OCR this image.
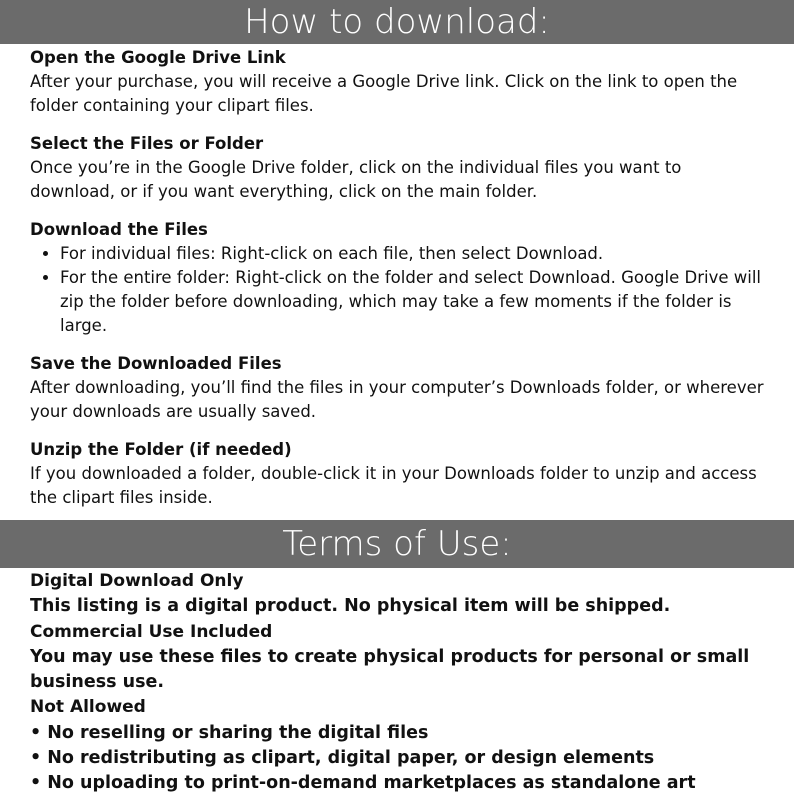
How to download:
Open the Google Drive Link
After your purchase, you will receive a Google Drive link. Click on the link to open the folder containing your clipart files.
Select the Files or Folder
Once you’re in the Google Drive folder, click on the individual files you want to download, or if you want everything, click on the main folder.
Download the Files
• For individual files: Right-click on each file, then select Download.
• For the entire folder: Right-click on the folder and select Download. Google Drive will zip the folder before downloading, which may take a few moments if the folder is large.
Save the Downloaded Files
After downloading, you’ll find the files in your computer’s Downloads folder, or wherever your downloads are usually saved.
Unzip the Folder (if needed)
If you downloaded a folder, double-click it in your Downloads folder to unzip and access the clipart files inside.
Terms of Use:
Digital Download Only
This listing is a digital product. No physical item will be shipped.
Commercial Use Included
You may use these files to create physical products for personal or small business use.
Not Allowed
• No reselling or sharing the digital files
• No redistributing as clipart, digital paper, or design elements
• No uploading to print-on-demand marketplaces as standalone art
